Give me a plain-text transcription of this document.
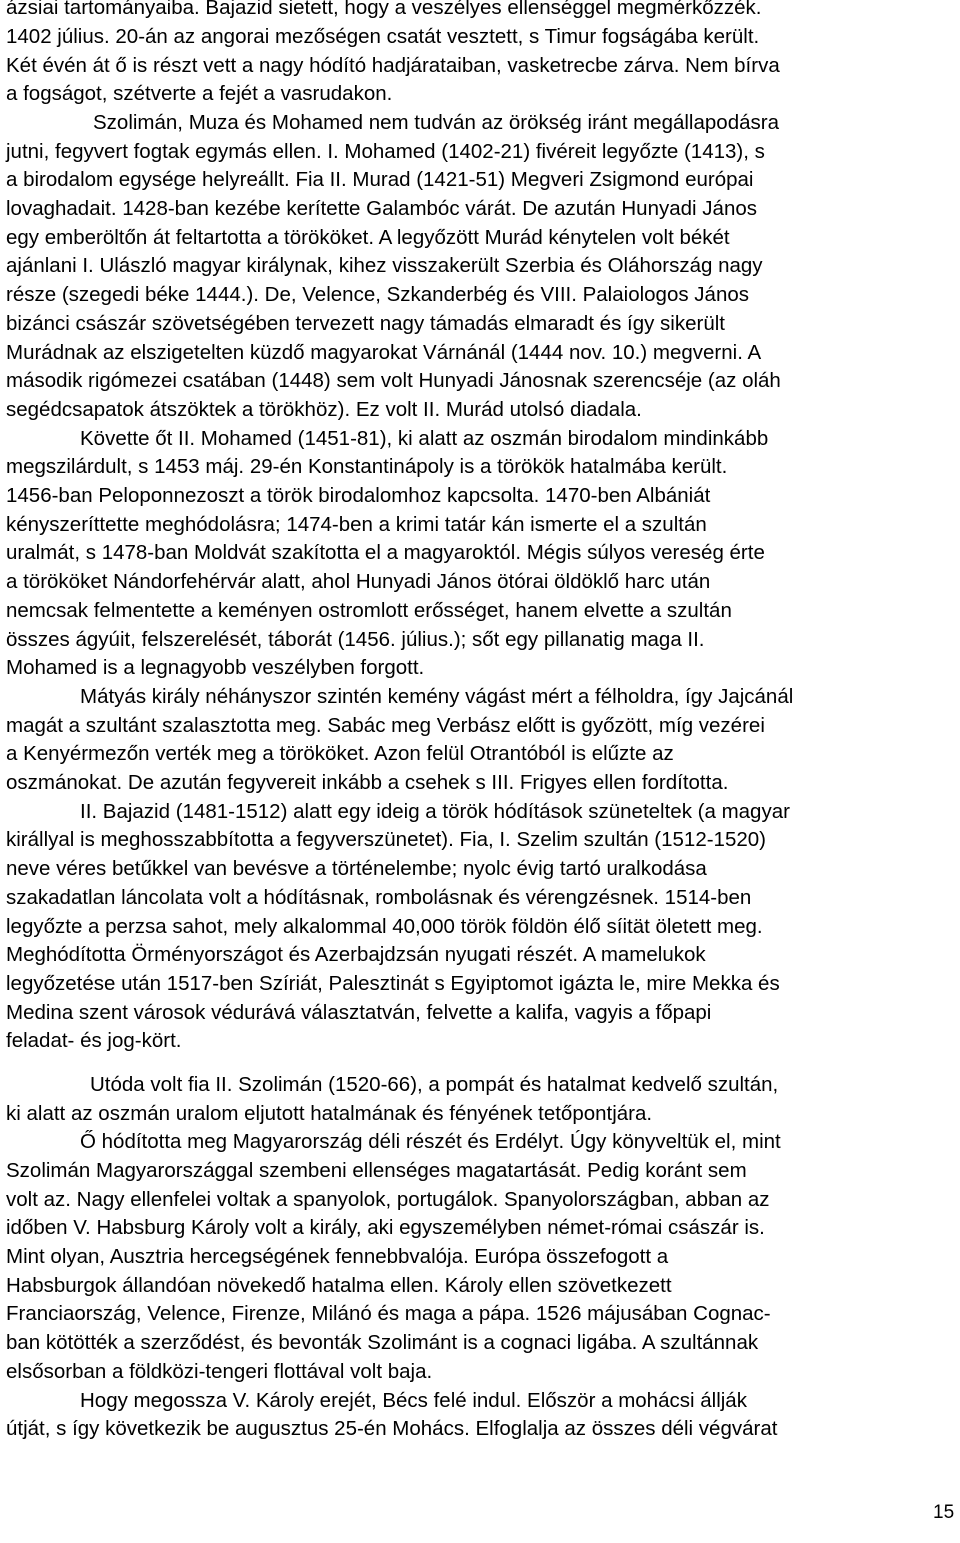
ázsiai tartományaiba. Bajazid sietett, hogy a veszélyes ellenséggel megmérkőzzék.
1402 július. 20-án az angorai mezőségen csatát vesztett, s Timur fogságába került.
Két évén át ő is részt vett a nagy hódító hadjárataiban, vasketrecbe zárva. Nem bírva
a fogságot, szétverte a fejét a vasrudakon.
Szolimán, Muza és Mohamed nem tudván az örökség iránt megállapodásra
jutni, fegyvert fogtak egymás ellen. I. Mohamed (1402-21) fivéreit legyőzte (1413), s
a birodalom egysége helyreállt. Fia II. Murad (1421-51) Megveri Zsigmond európai
lovaghadait. 1428-ban kezébe kerítette Galambóc várát. De azután Hunyadi János
egy emberöltőn át feltartotta a törököket. A legyőzött Murád kénytelen volt békét
ajánlani I. Ulászló magyar királynak, kihez visszakerült Szerbia és Oláhország nagy
része (szegedi béke 1444.). De, Velence, Szkanderbég és VIII. Palaiologos János
bizánci császár szövetségében tervezett nagy támadás elmaradt és így sikerült
Murádnak az elszigetelten küzdő magyarokat Várnánál (1444 nov. 10.) megverni. A
második rigómezei csatában (1448) sem volt Hunyadi Jánosnak szerencséje (az oláh
segédcsapatok átszöktek a törökhöz). Ez volt II. Murád utolsó diadala.
Követte őt II. Mohamed (1451-81), ki alatt az oszmán birodalom mindinkább
megszilárdult, s 1453 máj. 29-én Konstantinápoly is a törökök hatalmába került.
1456-ban Peloponnezoszt a török birodalomhoz kapcsolta. 1470-ben Albániát
kényszeríttette meghódolásra; 1474-ben a krimi tatár kán ismerte el a szultán
uralmát, s 1478-ban Moldvát szakította el a magyaroktól. Mégis súlyos vereség érte
a törököket Nándorfehérvár alatt, ahol Hunyadi János ötórai öldöklő harc után
nemcsak felmentette a keményen ostromlott erősséget, hanem elvette a szultán
összes ágyúit, felszerelését, táborát (1456. július.); sőt egy pillanatig maga II.
Mohamed is a legnagyobb veszélyben forgott.
Mátyás király néhányszor szintén kemény vágást mért a félholdra, így Jajcánál
magát a szultánt szalasztotta meg. Sabác meg Verbász előtt is győzött, míg vezérei
a Kenyérmezőn verték meg a törököket. Azon felül Otrantóból is elűzte az
oszmánokat. De azután fegyvereit inkább a csehek s III. Frigyes ellen fordította.
II. Bajazid (1481-1512) alatt egy ideig a török hódítások szüneteltek (a magyar
királlyal is meghosszabbította a fegyverszünetet). Fia, I. Szelim szultán (1512-1520)
neve véres betűkkel van bevésve a történelembe; nyolc évig tartó uralkodása
szakadatlan láncolata volt a hódításnak, rombolásnak és vérengzésnek. 1514-ben
legyőzte a perzsa sahot, mely alkalommal 40,000 török földön élő síität öletett meg.
Meghódította Örményországot és Azerbajdzsán nyugati részét. A mamelukok
legyőzetése után 1517-ben Szíriát, Palesztinát s Egyiptomot igázta le, mire Mekka és
Medina szent városok védurává választatván, felvette a kalifa, vagyis a főpapi
feladat- és jog-kört.
Utóda volt fia II. Szolimán (1520-66), a pompát és hatalmat kedvelő szultán,
ki alatt az oszmán uralom eljutott hatalmának és fényének tetőpontjára.
Ő hódította meg Magyarország déli részét és Erdélyt. Úgy könyveltük el, mint
Szolimán Magyarországgal szembeni ellenséges magatartását. Pedig koránt sem
volt az. Nagy ellenfelei voltak a spanyolok, portugálok. Spanyolországban, abban az
időben V. Habsburg Károly volt a király, aki egyszemélyben német-római császár is.
Mint olyan, Ausztria hercegségének fennebbvalója. Európa összefogott a
Habsburgok állandóan növekedő hatalma ellen. Károly ellen szövetkezett
Franciaország, Velence, Firenze, Milánó és maga a pápa. 1526 májusában Cognac-
ban kötötték a szerződést, és bevonták Szolimánt is a cognaci ligába. A szultánnak
elsősorban a földközi-tengeri flottával volt baja.
Hogy megossza V. Károly erejét, Bécs felé indul. Először a mohácsi állják
útját, s így következik be augusztus 25-én Mohács. Elfoglalja az összes déli végvárat
15
